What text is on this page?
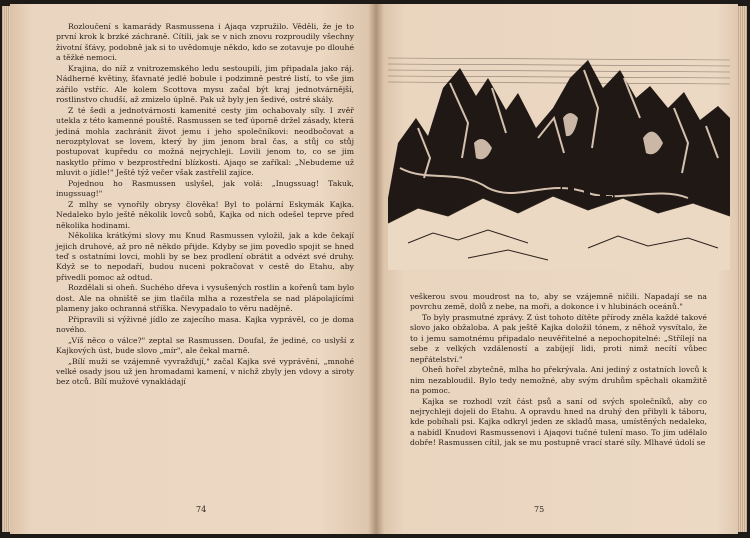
Rozloučení s kamarády Rasmussena i Ajaqa vzpružilo. Věděli, že je to první krok k brzké záchraně. Cítili, jak se v nich znovu rozproudily všechny životní šťávy, podobně jak si to uvědomuje někdo, kdo se zotavuje po dlouhé a těžké nemoci.

Krajina, do níž z vnitrozemského ledu sestoupili, jim připadala jako ráj. Nádherné květiny, šťavnaté jedlé bobule i podzimně pestré listí, to vše jim zářilo vstříc. Ale kolem Scottova mysu začal být kraj jednotvárnější, rostlinstvo chudší, až zmizelo úplně. Pak už byly jen šedivé, ostré skály.

Z té šedi a jednotvárnosti kamenité cesty jim ochabovaly síly. I zvěř utekla z této kamenné pouště. Rasmussen se teď úporně držel zásady, která jediná mohla zachránit život jemu i jeho společníkovi: neodbočovat a nerozptylovat se lovem, který by jim jenom bral čas, a stůj co stůj postupovat kupředu co možná nejrychleji. Lovili jenom to, co se jim naskytlo přímo v bezprostřední blízkosti. Ajaqo se zaříkal: „Nebudeme už mluvit o jídle!" Ještě týž večer však zastřelil zajíce.

Pojednou ho Rasmussen uslyšel, jak volá: „Inugssuag! Takuk, inugssuag!"

Z mlhy se vynořily obrysy člověka! Byl to polární Eskymák Kajka. Nedaleko bylo ještě několik lovců sobů, Kajka od nich odešel teprve před několika hodinami.

Několika krátkými slovy mu Knud Rasmussen vyložil, jak a kde čekají jejich druhové, až pro ně někdo přijde. Kdyby se jim povedlo spojit se hned teď s ostatními lovci, mohli by se bez prodlení obrátit a odvézt své druhy. Když se to nepodaří, budou nuceni pokračovat v cestě do Etahu, aby přivedli pomoc až odtud.

Rozdělali si oheň. Suchého dřeva i vysušených rostlin a kořenů tam bylo dost. Ale na ohniště se jim tlačila mlha a rozestřela se nad plápolajícími plameny jako ochranná stříška. Nevypadalo to věru nadějně.

Připravili si výživné jídlo ze zajecího masa. Kajka vyprávěl, co je doma nového.

„Víš něco o válce?" zeptal se Rasmussen. Doufal, že jediné, co uslyší z Kajkových úst, bude slovo „mír", ale čekal marně.

„Bílí muži se vzájemně vyvražďují," začal Kajka své vyprávění, „mnohé velké osady jsou už jen hromadami kamení, v nichž zbyly jen vdovy a siroty bez otců. Bílí mužové vynakládají

74

veškerou svou moudrost na to, aby se vzájemně ničili. Napadají se na povrchu země, dolů z nebe, na moři, a dokonce i v hlubinách oceánů."

To byly prasmutné zprávy. Z úst tohoto dítěte přírody zněla každé takové slovo jako obžaloba. A pak ještě Kajka doložil tónem, z něhož vysvítalo, že to i jemu samotnému připadalo neuvěřitelné a nepochopitelné: „Střílejí na sebe z velkých vzdáleností a zabíjejí lidi, proti nimž necítí vůbec nepřátelství."

Oheň hořel zbytečně, mlha ho překrývala. Ani jediný z ostatních lovců k nim nezabloudil. Bylo tedy nemožné, aby svým druhům spěchali okamžitě na pomoc.

Kajka se rozhodl vzít část psů a saní od svých společníků, aby co nejrychleji dojeli do Etahu. A opravdu hned na druhý den přibyli k táboru, kde pobíhali psi. Kajka odkryl jeden ze skladů masa, umístěných nedaleko, a nabídl Knudovi Rasmussenovi i Ajaqovi tučné tulení maso. To jim udělalo dobře! Rasmussen cítil, jak se mu postupně vrací staré síly. Mlhavé údolí se

75
